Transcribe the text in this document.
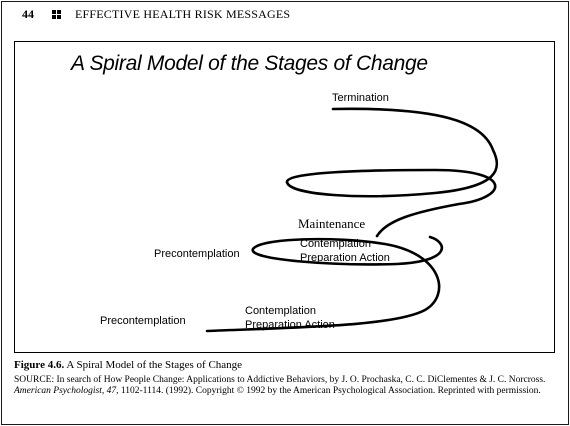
44	EFFECTIVE HEALTH RISK MESSAGES
A Spiral Model of the Stages of Change
Termination
Maintenance
Precontemplation
Contemplation
Preparation Action
Precontemplation
Contemplation
Preparation Action
Figure 4.6. A Spiral Model of the Stages of Change
SOURCE: In search of How People Change: Applications to Addictive Behaviors, by J. O. Prochaska, C. C. DiClementes & J. C. Norcross. American Psychologist, 47, 1102-1114. (1992). Copyright © 1992 by the American Psychological Association. Reprinted with permission.
